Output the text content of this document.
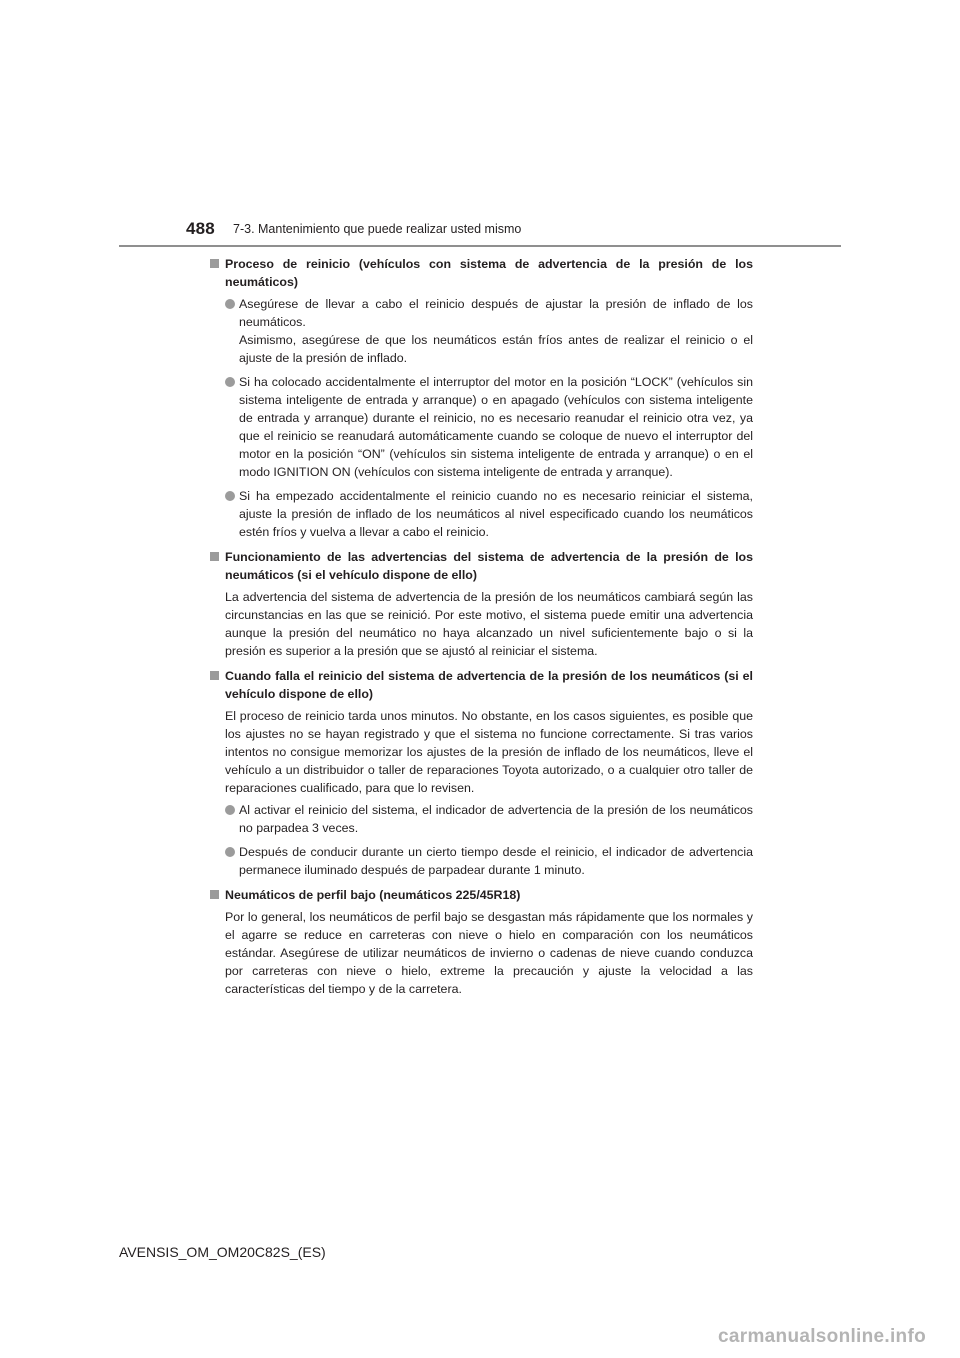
488 7-3. Mantenimiento que puede realizar usted mismo
Proceso de reinicio (vehículos con sistema de advertencia de la presión de los neumáticos)
Asegúrese de llevar a cabo el reinicio después de ajustar la presión de inflado de los neumáticos.
Asimismo, asegúrese de que los neumáticos están fríos antes de realizar el reinicio o el ajuste de la presión de inflado.
Si ha colocado accidentalmente el interruptor del motor en la posición “LOCK” (vehículos sin sistema inteligente de entrada y arranque) o en apagado (vehículos con sistema inteligente de entrada y arranque) durante el reinicio, no es necesario reanudar el reinicio otra vez, ya que el reinicio se reanudará automáticamente cuando se coloque de nuevo el interruptor del motor en la posición “ON” (vehículos sin sistema inteligente de entrada y arranque) o en el modo IGNITION ON (vehículos con sistema inteligente de entrada y arranque).
Si ha empezado accidentalmente el reinicio cuando no es necesario reiniciar el sistema, ajuste la presión de inflado de los neumáticos al nivel especificado cuando los neumáticos estén fríos y vuelva a llevar a cabo el reinicio.
Funcionamiento de las advertencias del sistema de advertencia de la presión de los neumáticos (si el vehículo dispone de ello)
La advertencia del sistema de advertencia de la presión de los neumáticos cambiará según las circunstancias en las que se reinició. Por este motivo, el sistema puede emitir una advertencia aunque la presión del neumático no haya alcanzado un nivel suficientemente bajo o si la presión es superior a la presión que se ajustó al reiniciar el sistema.
Cuando falla el reinicio del sistema de advertencia de la presión de los neumáticos (si el vehículo dispone de ello)
El proceso de reinicio tarda unos minutos. No obstante, en los casos siguientes, es posible que los ajustes no se hayan registrado y que el sistema no funcione correctamente. Si tras varios intentos no consigue memorizar los ajustes de la presión de inflado de los neumáticos, lleve el vehículo a un distribuidor o taller de reparaciones Toyota autorizado, o a cualquier otro taller de reparaciones cualificado, para que lo revisen.
Al activar el reinicio del sistema, el indicador de advertencia de la presión de los neumáticos no parpadea 3 veces.
Después de conducir durante un cierto tiempo desde el reinicio, el indicador de advertencia permanece iluminado después de parpadear durante 1 minuto.
Neumáticos de perfil bajo (neumáticos 225/45R18)
Por lo general, los neumáticos de perfil bajo se desgastan más rápidamente que los normales y el agarre se reduce en carreteras con nieve o hielo en comparación con los neumáticos estándar. Asegúrese de utilizar neumáticos de invierno o cadenas de nieve cuando conduzca por carreteras con nieve o hielo, extreme la precaución y ajuste la velocidad a las características del tiempo y de la carretera.
AVENSIS_OM_OM20C82S_(ES)
carmanualsonline.info
